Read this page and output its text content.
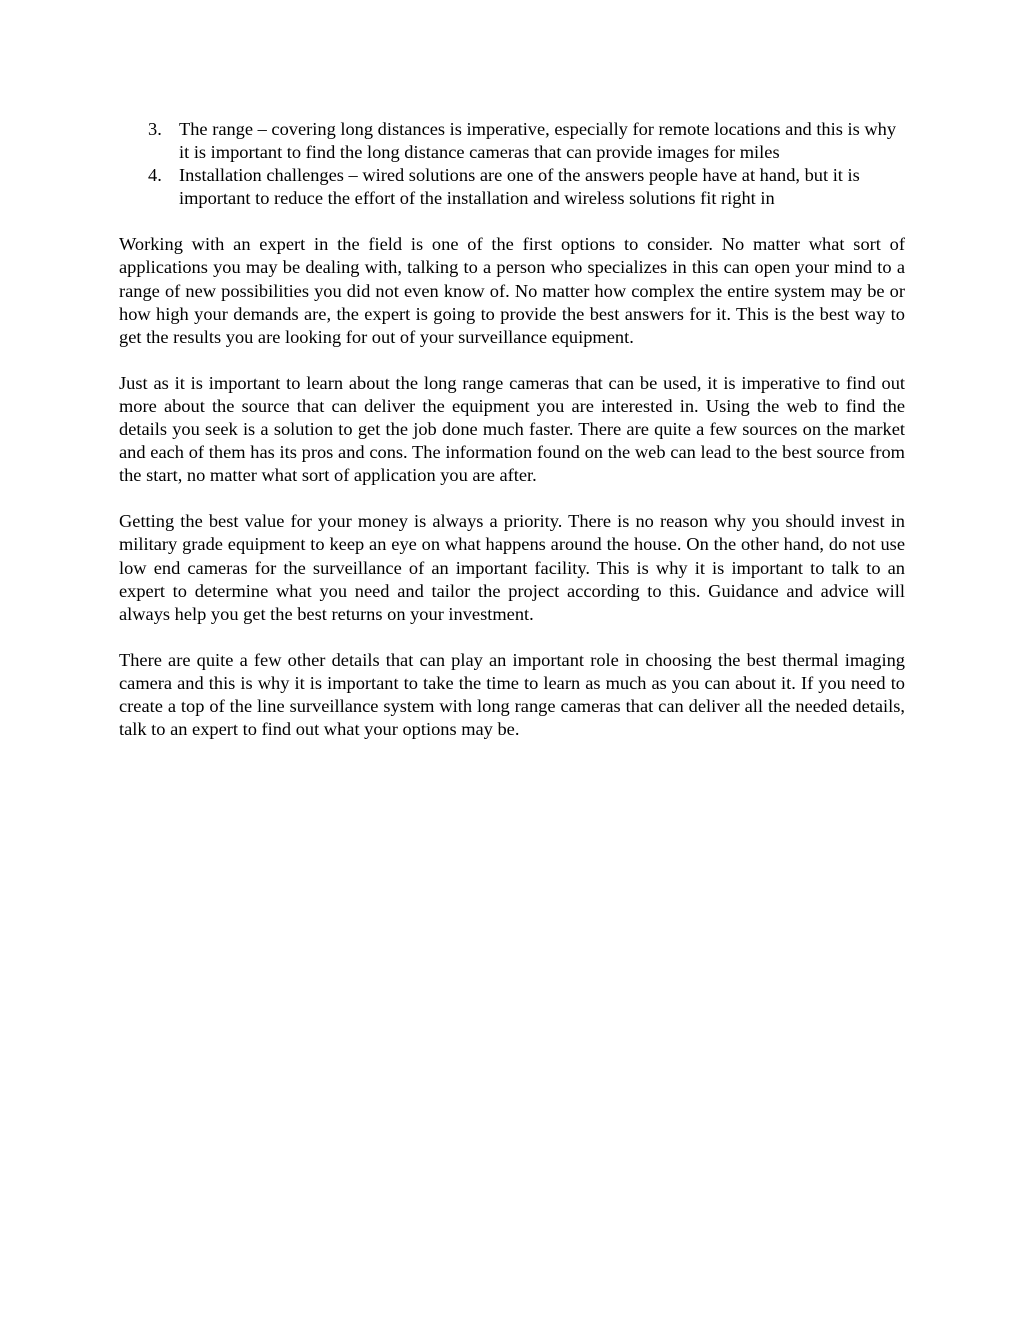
3. The range – covering long distances is imperative, especially for remote locations and this is why it is important to find the long distance cameras that can provide images for miles
4. Installation challenges – wired solutions are one of the answers people have at hand, but it is important to reduce the effort of the installation and wireless solutions fit right in

Working with an expert in the field is one of the first options to consider. No matter what sort of applications you may be dealing with, talking to a person who specializes in this can open your mind to a range of new possibilities you did not even know of. No matter how complex the entire system may be or how high your demands are, the expert is going to provide the best answers for it. This is the best way to get the results you are looking for out of your surveillance equipment.

Just as it is important to learn about the long range cameras that can be used, it is imperative to find out more about the source that can deliver the equipment you are interested in. Using the web to find the details you seek is a solution to get the job done much faster. There are quite a few sources on the market and each of them has its pros and cons. The information found on the web can lead to the best source from the start, no matter what sort of application you are after.

Getting the best value for your money is always a priority. There is no reason why you should invest in military grade equipment to keep an eye on what happens around the house. On the other hand, do not use low end cameras for the surveillance of an important facility. This is why it is important to talk to an expert to determine what you need and tailor the project according to this. Guidance and advice will always help you get the best returns on your investment.

There are quite a few other details that can play an important role in choosing the best thermal imaging camera and this is why it is important to take the time to learn as much as you can about it. If you need to create a top of the line surveillance system with long range cameras that can deliver all the needed details, talk to an expert to find out what your options may be.
